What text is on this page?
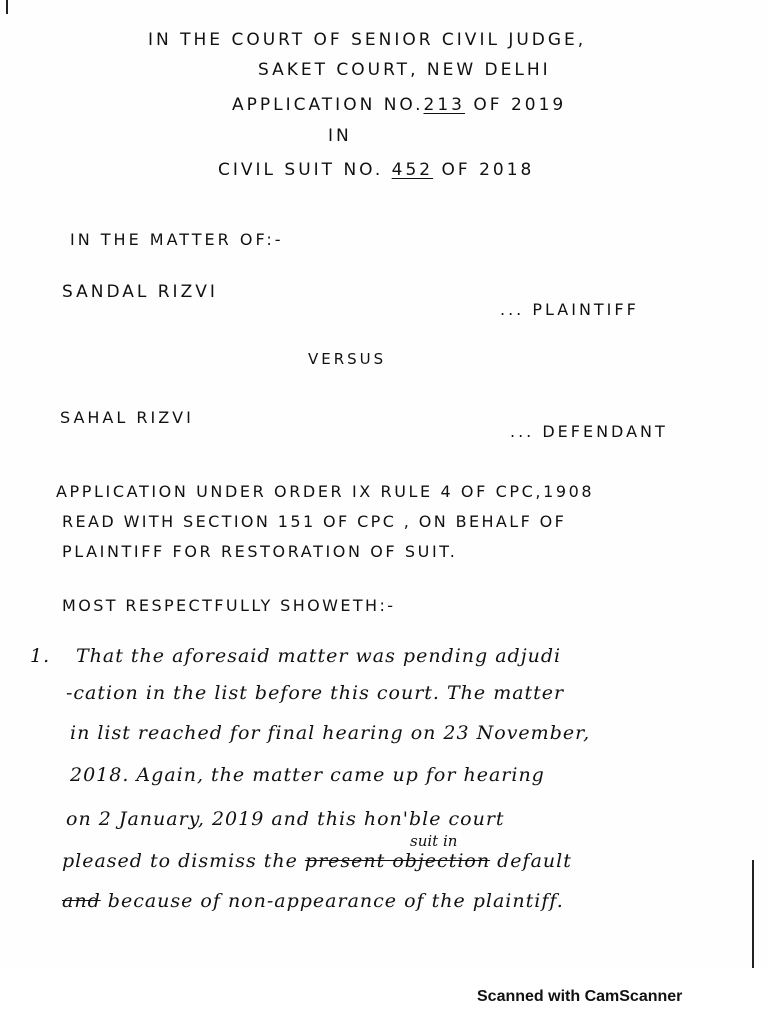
IN THE COURT OF SENIOR CIVIL JUDGE,
SAKET COURT, NEW DELHI
APPLICATION NO.213 OF 2019
IN
CIVIL SUIT NO. 452 OF 2018
IN THE MATTER OF:-
SANDAL RIZVI
... PLAINTIFF
VERSUS
SAHAL RIZVI
... DEFENDANT
APPLICATION UNDER ORDER IX RULE 4 OF CPC,1908
READ WITH SECTION 151 OF CPC , ON BEHALF OF
PLAINTIFF FOR RESTORATION OF SUIT.
MOST RESPECTFULLY SHOWETH:-
1. That the aforesaid matter was pending adjudi
-cation in the list before this court. The matter
in list reached for final hearing on 23 November,
2018. Again, the matter came up for hearing
on 2 January, 2019 and this hon'ble court
suit in
pleased to dismiss the present objection default
and because of non-appearance of the plaintiff.
Scanned with CamScanner
